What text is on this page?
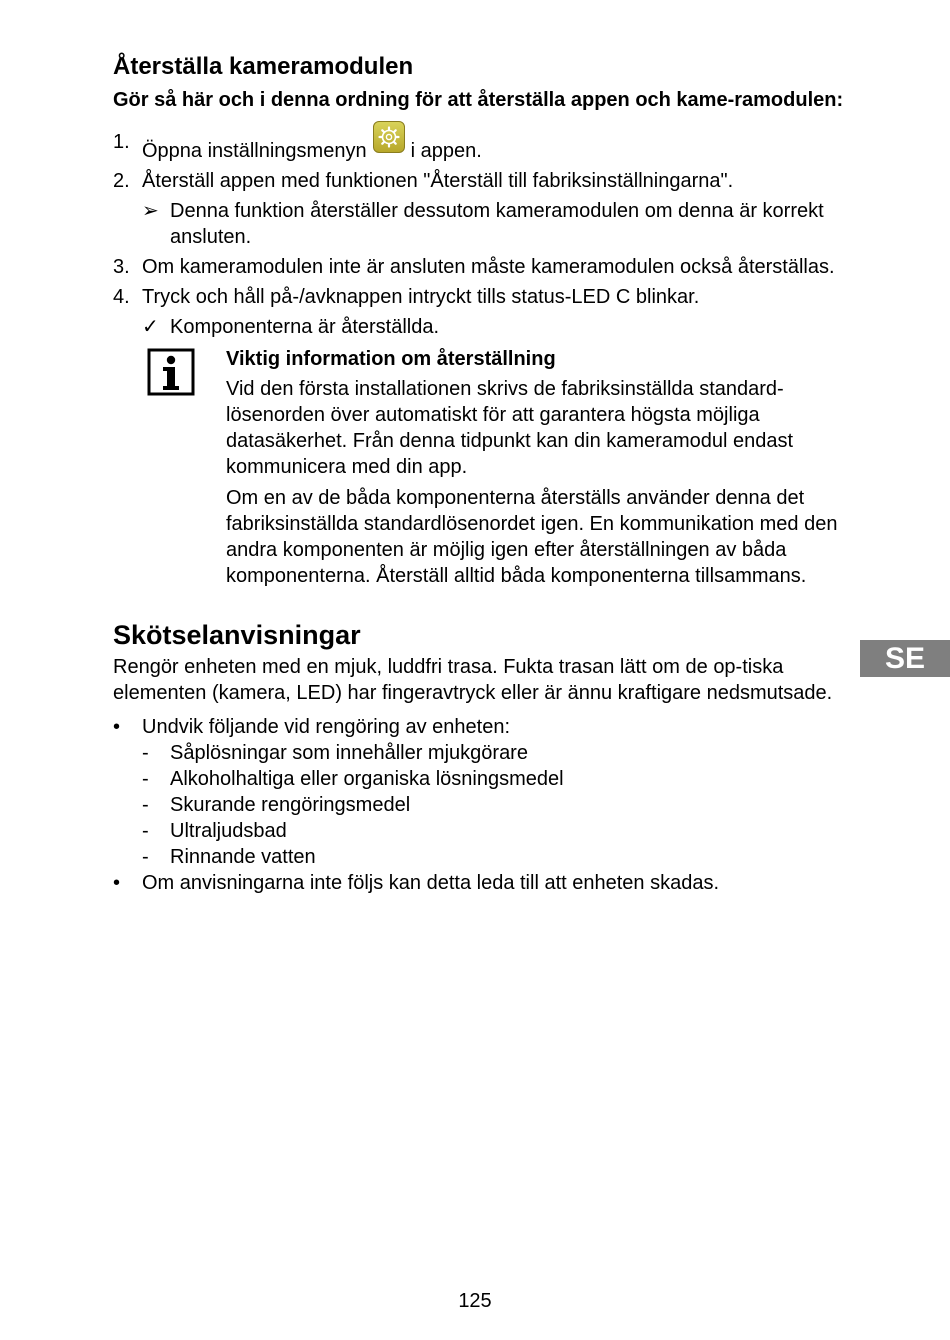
Återställa kameramodulen
Gör så här och i denna ordning för att återställa appen och kame-ramodulen:
1. Öppna inställningsmenyn i appen.
2. Återställ appen med funktionen "Återställ till fabriksinställningarna".
➢ Denna funktion återställer dessutom kameramodulen om denna är korrekt ansluten.
3. Om kameramodulen inte är ansluten måste kameramodulen också återställas.
4. Tryck och håll på-/avknappen intryckt tills status-LED C blinkar.
✓ Komponenterna är återställda.
Viktig information om återställning

Vid den första installationen skrivs de fabriksinställda standard-lösenorden över automatiskt för att garantera högsta möjliga datasäkerhet. Från denna tidpunkt kan din kameramodul endast kommunicera med din app.

Om en av de båda komponenterna återställs använder denna det fabriksinställda standardlösenordet igen. En kommunikation med den andra komponenten är möjlig igen efter återställningen av båda komponenterna. Återställ alltid båda komponenterna tillsammans.

Skötselanvisningar

Rengör enheten med en mjuk, luddfri trasa. Fukta trasan lätt om de op-tiska elementen (kamera, LED) har fingeravtryck eller är ännu kraftigare nedsmutsade.

•	Undvik följande vid rengöring av enheten:
-	Såplösningar som innehåller mjukgörare
-	Alkoholhaltiga eller organiska lösningsmedel
-	Skurande rengöringsmedel
-	Ultraljudsbad
-	Rinnande vatten
•	Om anvisningarna inte följs kan detta leda till att enheten skadas.
SE
125
